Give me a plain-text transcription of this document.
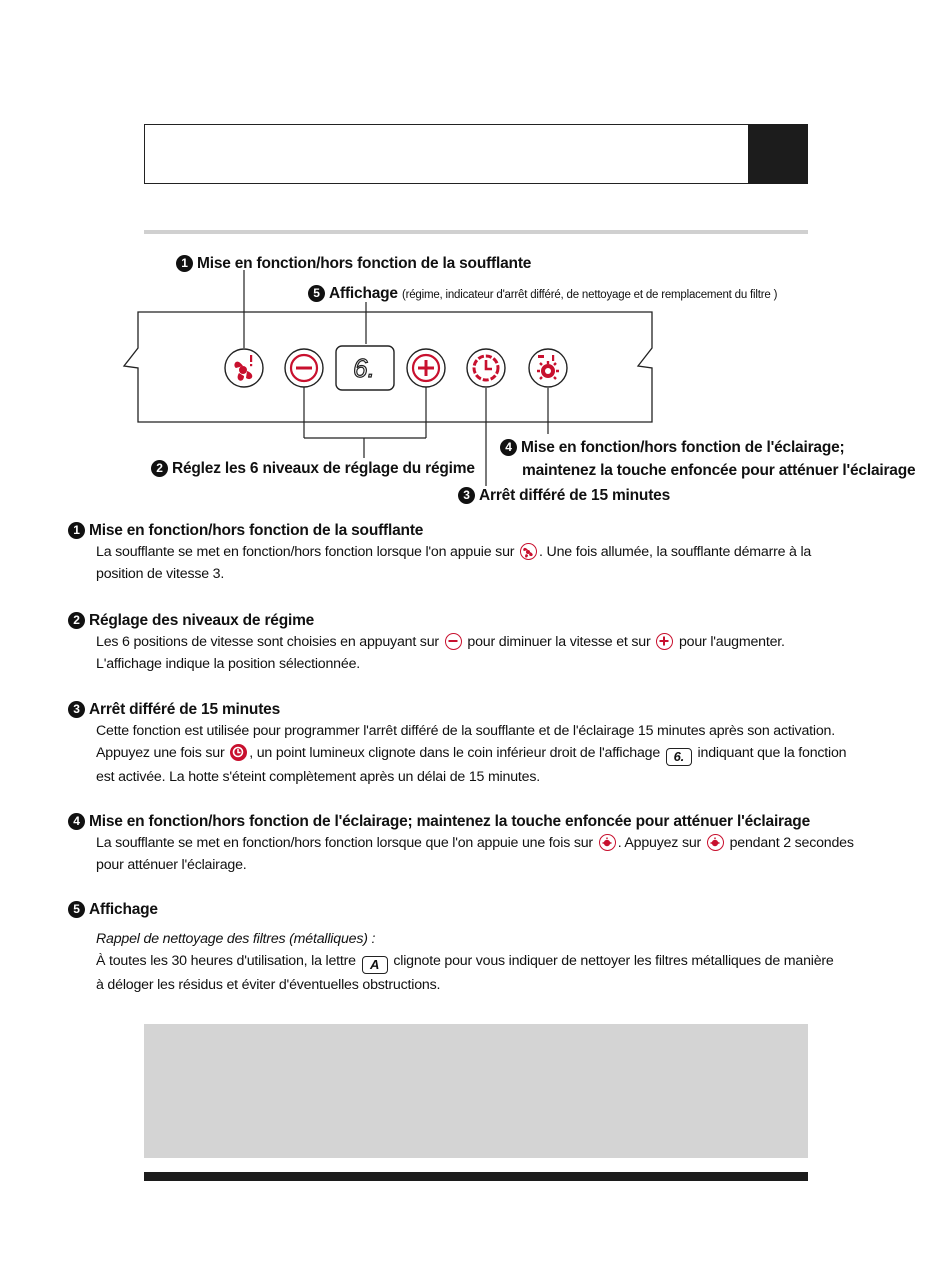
6.
1 Mise en fonction/hors fonction de la soufflante
5 Affichage (régime, indicateur d'arrêt différé, de nettoyage et de remplacement du filtre )
2 Réglez les 6 niveaux de réglage du régime
4 Mise en fonction/hors fonction de l'éclairage;
maintenez la touche enfoncée pour atténuer l'éclairage
3 Arrêt différé de 15 minutes
1 Mise en fonction/hors fonction de la soufflante
La soufflante se met en fonction/hors fonction lorsque l'on appuie sur . Une fois allumée, la soufflante démarre à la
position de vitesse 3.
2 Réglage des niveaux de régime
Les 6 positions de vitesse sont choisies en appuyant sur pour diminuer la vitesse et sur pour l'augmenter.
L'affichage indique la position sélectionnée.
3 Arrêt différé de 15 minutes
Cette fonction est utilisée pour programmer l'arrêt différé de la soufflante et de l'éclairage 15 minutes après son activation.
Appuyez une fois sur , un point lumineux clignote dans le coin inférieur droit de l'affichage 6. indiquant que la fonction
est activée. La hotte s'éteint complètement après un délai de 15 minutes.
4 Mise en fonction/hors fonction de l'éclairage; maintenez la touche enfoncée pour atténuer l'éclairage
La soufflante se met en fonction/hors fonction lorsque que l'on appuie une fois sur . Appuyez sur pendant 2 secondes
pour atténuer l'éclairage.
5 Affichage
Rappel de nettoyage des filtres (métalliques) :
À toutes les 30 heures d'utilisation, la lettre A clignote pour vous indiquer de nettoyer les filtres métalliques de manière
à déloger les résidus et éviter d'éventuelles obstructions.
